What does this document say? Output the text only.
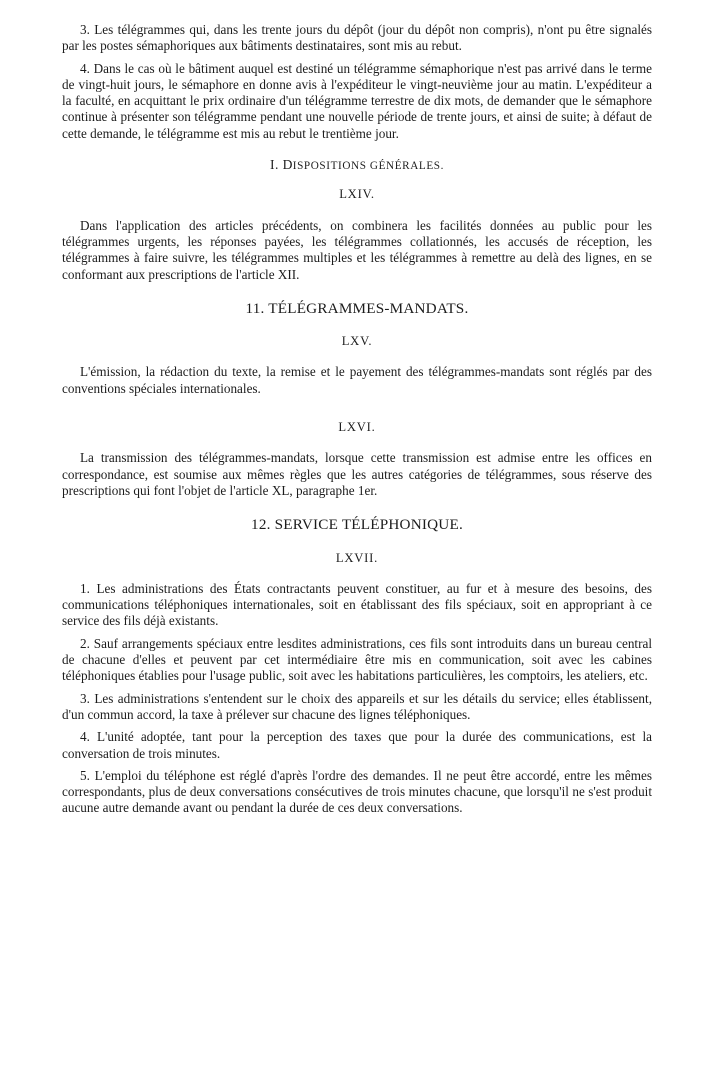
3. Les télégrammes qui, dans les trente jours du dépôt (jour du dépôt non compris), n'ont pu être signalés par les postes sémaphoriques aux bâtiments destinataires, sont mis au rebut.

4. Dans le cas où le bâtiment auquel est destiné un télégramme sémaphorique n'est pas arrivé dans le terme de vingt-huit jours, le sémaphore en donne avis à l'expéditeur le vingt-neuvième jour au matin. L'expéditeur a la faculté, en acquittant le prix ordinaire d'un télégramme terrestre de dix mots, de demander que le sémaphore continue à présenter son télégramme pendant une nouvelle période de trente jours, et ainsi de suite; à défaut de cette demande, le télégramme est mis au rebut le trentième jour.

I. DISPOSITIONS GÉNÉRALES.
LXIV.

Dans l'application des articles précédents, on combinera les facilités données au public pour les télégrammes urgents, les réponses payées, les télégrammes collationnés, les accusés de réception, les télégrammes à faire suivre, les télégrammes multiples et les télégrammes à remettre au delà des lignes, en se conformant aux prescriptions de l'article XII.

11. TÉLÉGRAMMES-MANDATS.
LXV.

L'émission, la rédaction du texte, la remise et le payement des télégrammes-mandats sont réglés par des conventions spéciales internationales.

LXVI.

La transmission des télégrammes-mandats, lorsque cette transmission est admise entre les offices en correspondance, est soumise aux mêmes règles que les autres catégories de télégrammes, sous réserve des prescriptions qui font l'objet de l'article XL, paragraphe 1er.

12. SERVICE TÉLÉPHONIQUE.
LXVII.

1. Les administrations des États contractants peuvent constituer, au fur et à mesure des besoins, des communications téléphoniques internationales, soit en établissant des fils spéciaux, soit en appropriant à ce service des fils déjà existants.

2. Sauf arrangements spéciaux entre lesdites administrations, ces fils sont introduits dans un bureau central de chacune d'elles et peuvent par cet intermédiaire être mis en communication, soit avec les cabines téléphoniques établies pour l'usage public, soit avec les habitations particulières, les comptoirs, les ateliers, etc.

3. Les administrations s'entendent sur le choix des appareils et sur les détails du service; elles établissent, d'un commun accord, la taxe à prélever sur chacune des lignes téléphoniques.

4. L'unité adoptée, tant pour la perception des taxes que pour la durée des communications, est la conversation de trois minutes.

5. L'emploi du téléphone est réglé d'après l'ordre des demandes. Il ne peut être accordé, entre les mêmes correspondants, plus de deux conversations consécutives de trois minutes chacune, que lorsqu'il ne s'est produit aucune autre demande avant ou pendant la durée de ces deux conversations.
